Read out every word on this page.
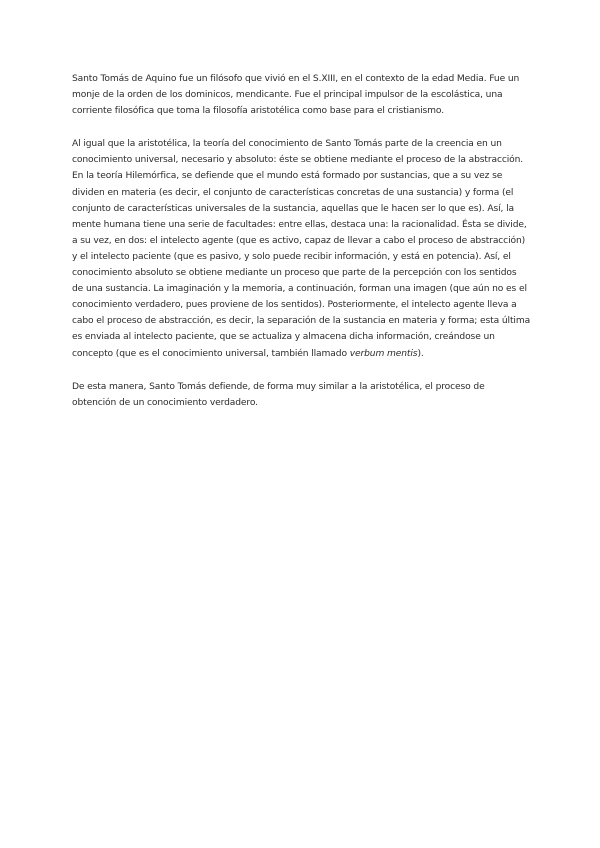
Santo Tomás de Aquino fue un filósofo que vivió en el S.XIII, en el contexto de la edad Media. Fue un
monje de la orden de los dominicos, mendicante. Fue el principal impulsor de la escolástica, una
corriente filosófica que toma la filosofía aristotélica como base para el cristianismo.

Al igual que la aristotélica, la teoría del conocimiento de Santo Tomás parte de la creencia en un
conocimiento universal, necesario y absoluto: éste se obtiene mediante el proceso de la abstracción.
En la teoría Hilemórfica, se defiende que el mundo está formado por sustancias, que a su vez se
dividen en materia (es decir, el conjunto de características concretas de una sustancia) y forma (el
conjunto de características universales de la sustancia, aquellas que le hacen ser lo que es). Así, la
mente humana tiene una serie de facultades: entre ellas, destaca una: la racionalidad. Ésta se divide,
a su vez, en dos: el intelecto agente (que es activo, capaz de llevar a cabo el proceso de abstracción)
y el intelecto paciente (que es pasivo, y solo puede recibir información, y está en potencia). Así, el
conocimiento absoluto se obtiene mediante un proceso que parte de la percepción con los sentidos
de una sustancia. La imaginación y la memoria, a continuación, forman una imagen (que aún no es el
conocimiento verdadero, pues proviene de los sentidos). Posteriormente, el intelecto agente lleva a
cabo el proceso de abstracción, es decir, la separación de la sustancia en materia y forma; esta última
es enviada al intelecto paciente, que se actualiza y almacena dicha información, creándose un
concepto (que es el conocimiento universal, también llamado verbum mentis).

De esta manera, Santo Tomás defiende, de forma muy similar a la aristotélica, el proceso de
obtención de un conocimiento verdadero.
